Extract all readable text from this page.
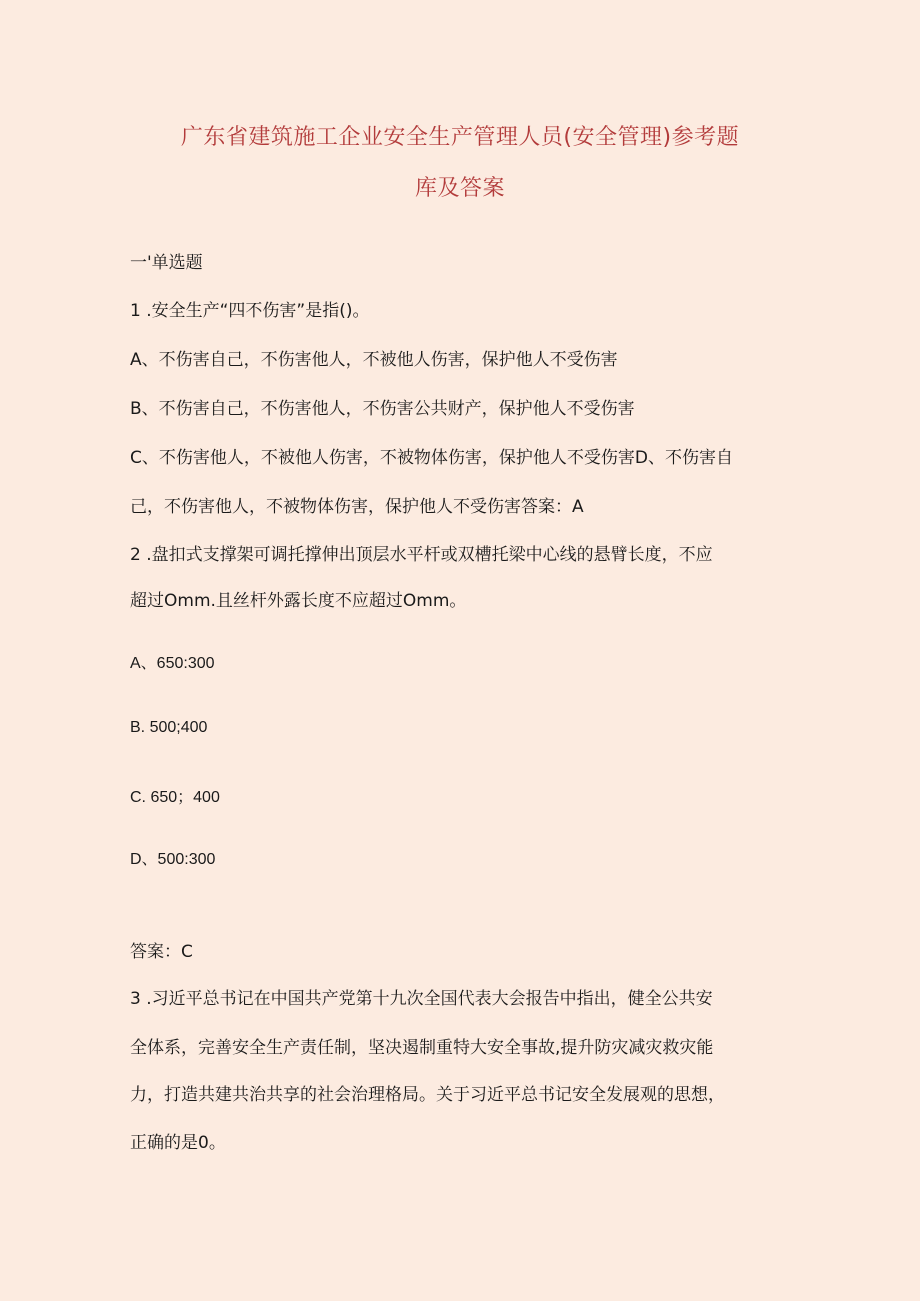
广东省建筑施工企业安全生产管理人员(安全管理)参考题
库及答案
一'单选题
1 .安全生产“四不伤害”是指()。
A、不伤害自己，不伤害他人，不被他人伤害，保护他人不受伤害
B、不伤害自己，不伤害他人，不伤害公共财产，保护他人不受伤害
C、不伤害他人，不被他人伤害，不被物体伤害，保护他人不受伤害D、不伤害自
己，不伤害他人，不被物体伤害，保护他人不受伤害答案：A
2 .盘扣式支撑架可调托撑伸出顶层水平杆或双槽托梁中心线的悬臂长度，不应
超过Omm.且丝杆外露长度不应超过Omm。
A、650:300
B. 500;400
C. 650；400
D、500:300
答案：C
3 .习近平总书记在中国共产党第十九次全国代表大会报告中指出，健全公共安
全体系，完善安全生产责任制，坚决遏制重特大安全事故,提升防灾减灾救灾能
力，打造共建共治共享的社会治理格局。关于习近平总书记安全发展观的思想，
正确的是0。
